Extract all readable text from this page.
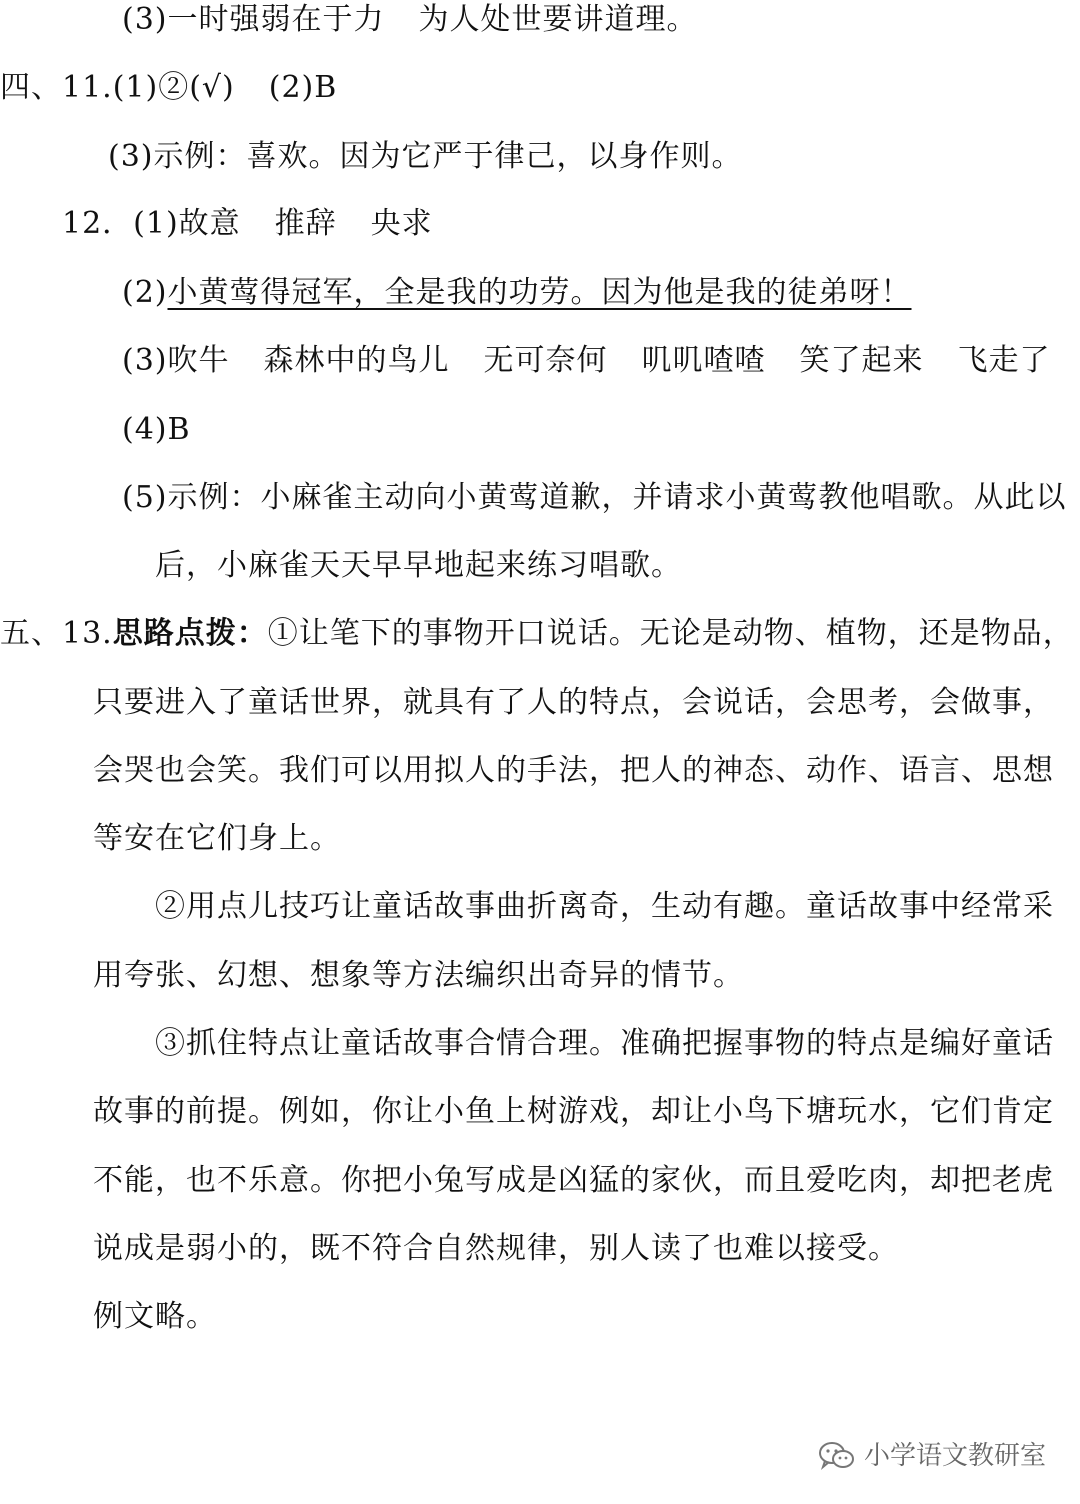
(3)一时强弱在于力 为人处世要讲道理。
四、11.(1)②(√) (2)B
(3)示例：喜欢。因为它严于律己，以身作则。
12．(1)故意 推辞 央求
(2)小黄莺得冠军，全是我的功劳。因为他是我的徒弟呀！
(3)吹牛 森林中的鸟儿 无可奈何 叽叽喳喳 笑了起来 飞走了
(4)B
(5)示例：小麻雀主动向小黄莺道歉，并请求小黄莺教他唱歌。从此以
后，小麻雀天天早早地起来练习唱歌。
五、13.思路点拨：①让笔下的事物开口说话。无论是动物、植物，还是物品，
只要进入了童话世界，就具有了人的特点，会说话，会思考，会做事，
会哭也会笑。我们可以用拟人的手法，把人的神态、动作、语言、思想
等安在它们身上。
②用点儿技巧让童话故事曲折离奇，生动有趣。童话故事中经常采
用夸张、幻想、想象等方法编织出奇异的情节。
③抓住特点让童话故事合情合理。准确把握事物的特点是编好童话
故事的前提。例如，你让小鱼上树游戏，却让小鸟下塘玩水，它们肯定
不能，也不乐意。你把小兔写成是凶猛的家伙，而且爱吃肉，却把老虎
说成是弱小的，既不符合自然规律，别人读了也难以接受。
例文略。
小学语文教研室
